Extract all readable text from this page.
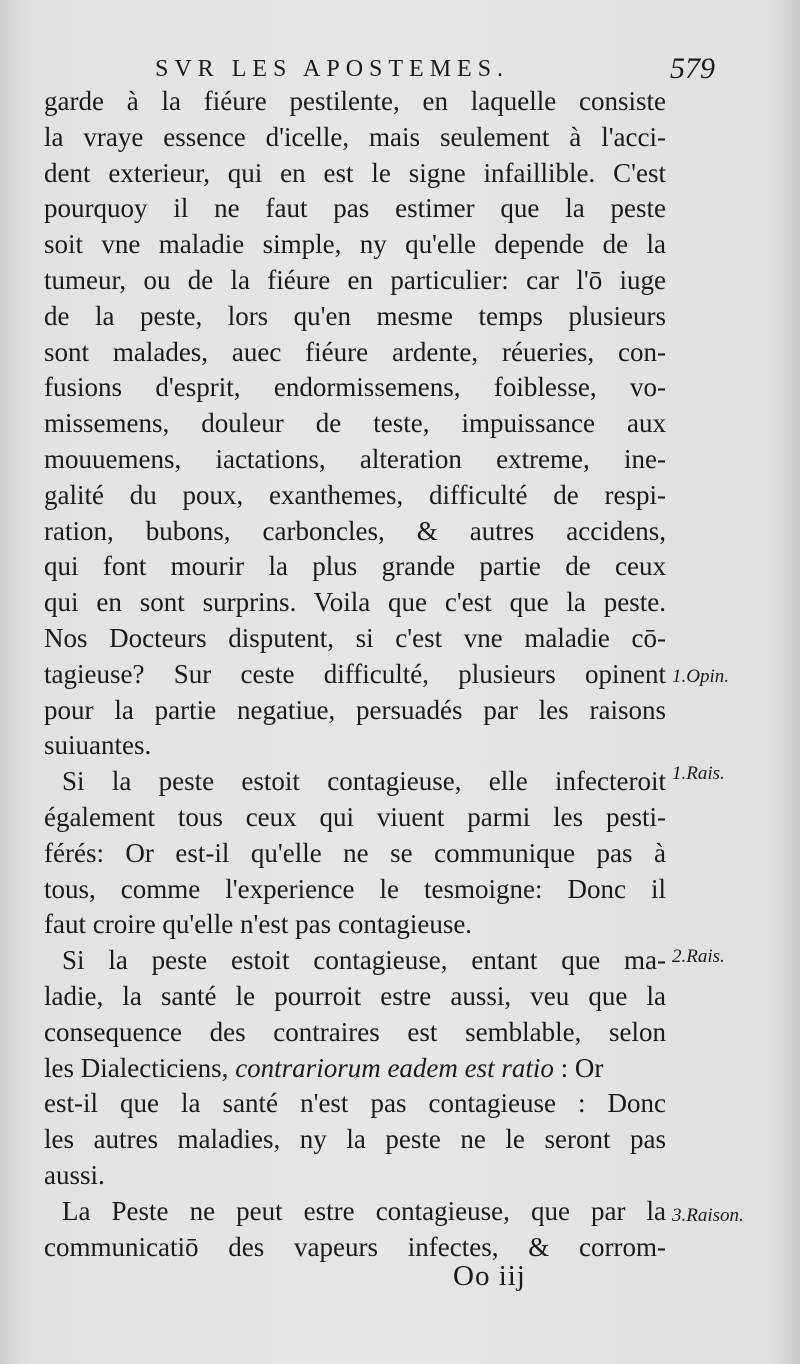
SVR LES APOSTEMES.	579
garde à la fiéure pestilente, en laquelle consiste
la vraye essence d'icelle, mais seulement à l'acci-
dent exterieur, qui en est le signe infaillible. C'est
pourquoy il ne faut pas estimer que la peste
soit vne maladie simple, ny qu'elle depende de la
tumeur, ou de la fiéure en particulier: car l'ō iuge
de la peste, lors qu'en mesme temps plusieurs
sont malades, auec fiéure ardente, réueries, con-
fusions d'esprit, endormissemens, foiblesse, vo-
missemens, douleur de teste, impuissance aux
mouuemens, iactations, alteration extreme, ine-
galité du poux, exanthemes, difficulté de respi-
ration, bubons, carboncles, & autres accidens,
qui font mourir la plus grande partie de ceux
qui en sont surprins. Voila que c'est que la peste.
Nos Docteurs disputent, si c'est vne maladie cō-
tagieuse? Sur ceste difficulté, plusieurs opinent
pour la partie negatiue, persuadés par les raisons
suiuantes.
Si la peste estoit contagieuse, elle infecteroit
également tous ceux qui viuent parmi les pesti-
férés: Or est-il qu'elle ne se communique pas à
tous, comme l'experience le tesmoigne: Donc il
faut croire qu'elle n'est pas contagieuse.
Si la peste estoit contagieuse, entant que ma-
ladie, la santé le pourroit estre aussi, veu que la
consequence des contraires est semblable, selon
les Dialecticiens, contrariorum eadem est ratio : Or
est-il que la santé n'est pas contagieuse : Donc
les autres maladies, ny la peste ne le seront pas
aussi.
La Peste ne peut estre contagieuse, que par la
communicatiō des vapeurs infectes, & corrom-
1.Opin.
1.Rais.
2.Rais.
3.Raison.
Oo iij
